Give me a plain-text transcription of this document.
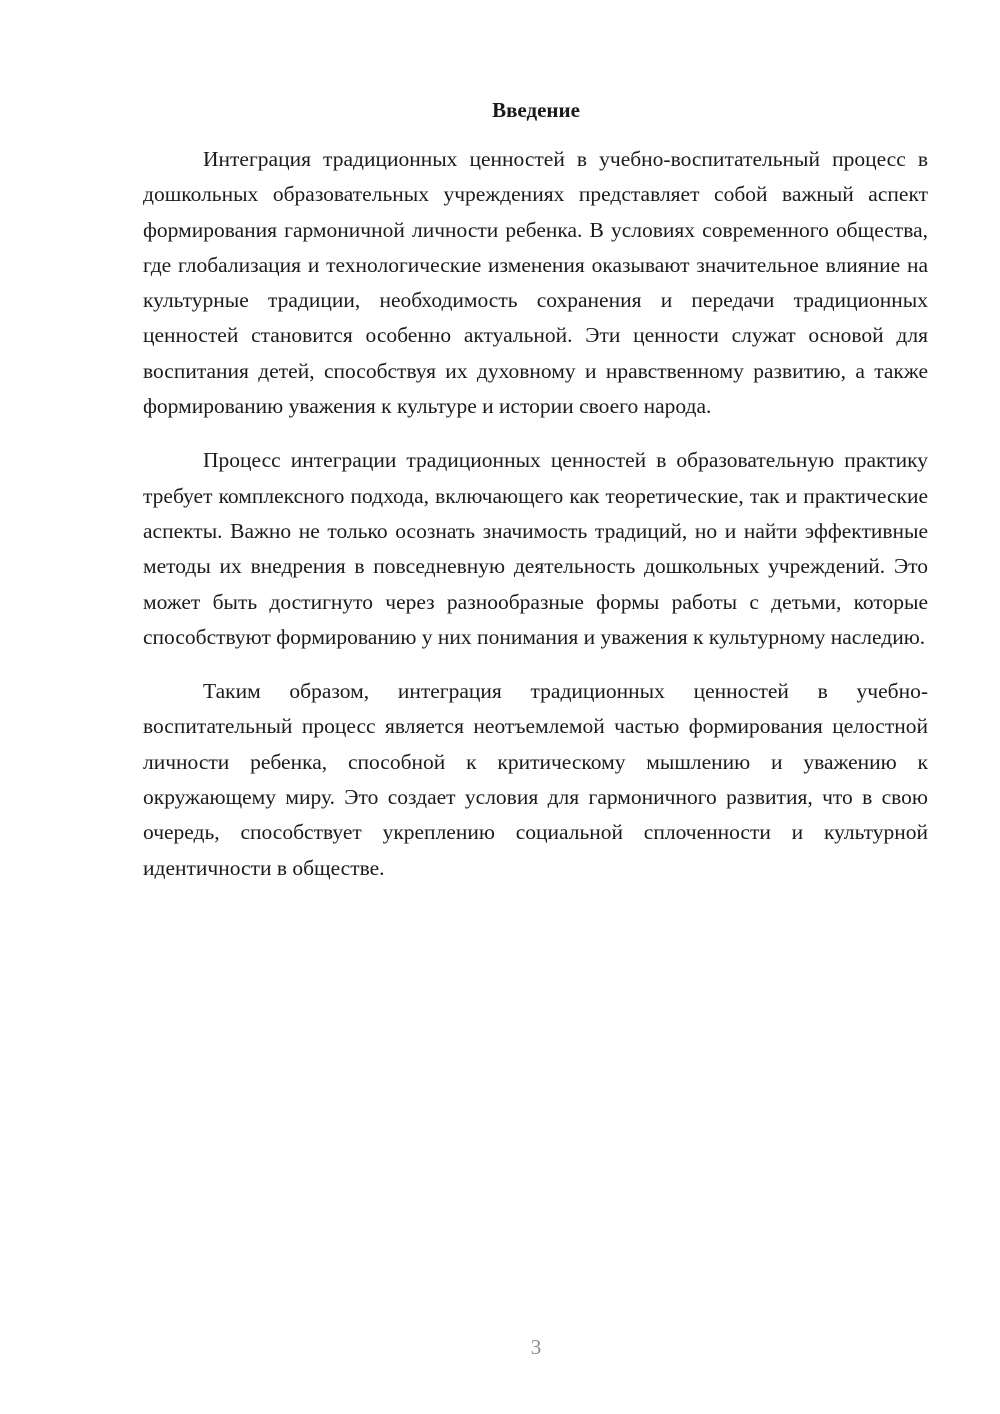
Введение

Интеграция традиционных ценностей в учебно-воспитательный процесс в дошкольных образовательных учреждениях представляет собой важный аспект формирования гармоничной личности ребенка. В условиях современного общества, где глобализация и технологические изменения оказывают значительное влияние на культурные традиции, необходимость сохранения и передачи традиционных ценностей становится особенно актуальной. Эти ценности служат основой для воспитания детей, способствуя их духовному и нравственному развитию, а также формированию уважения к культуре и истории своего народа.

Процесс интеграции традиционных ценностей в образовательную практику требует комплексного подхода, включающего как теоретические, так и практические аспекты. Важно не только осознать значимость традиций, но и найти эффективные методы их внедрения в повседневную деятельность дошкольных учреждений. Это может быть достигнуто через разнообразные формы работы с детьми, которые способствуют формированию у них понимания и уважения к культурному наследию.

Таким образом, интеграция традиционных ценностей в учебно-воспитательный процесс является неотъемлемой частью формирования целостной личности ребенка, способной к критическому мышлению и уважению к окружающему миру. Это создает условия для гармоничного развития, что в свою очередь, способствует укреплению социальной сплоченности и культурной идентичности в обществе.

3
